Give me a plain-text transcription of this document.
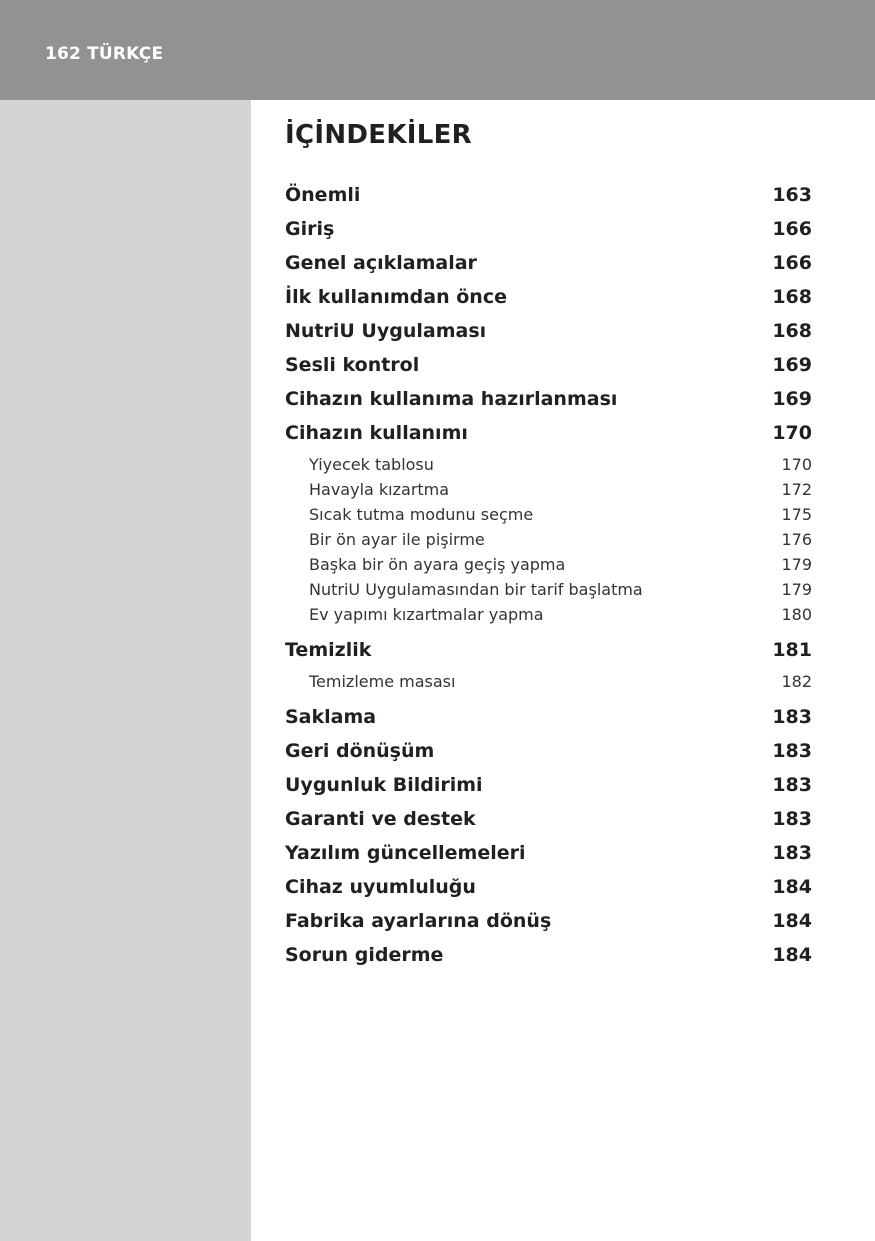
162 TÜRKÇE
İÇİNDEKİLER
Önemli	163
Giriş	166
Genel açıklamalar	166
İlk kullanımdan önce	168
NutriU Uygulaması	168
Sesli kontrol	169
Cihazın kullanıma hazırlanması	169
Cihazın kullanımı	170
Yiyecek tablosu	170
Havayla kızartma	172
Sıcak tutma modunu seçme	175
Bir ön ayar ile pişirme	176
Başka bir ön ayara geçiş yapma	179
NutriU Uygulamasından bir tarif başlatma	179
Ev yapımı kızartmalar yapma	180
Temizlik	181
Temizleme masası	182
Saklama	183
Geri dönüşüm	183
Uygunluk Bildirimi	183
Garanti ve destek	183
Yazılım güncellemeleri	183
Cihaz uyumluluğu	184
Fabrika ayarlarına dönüş	184
Sorun giderme	184
